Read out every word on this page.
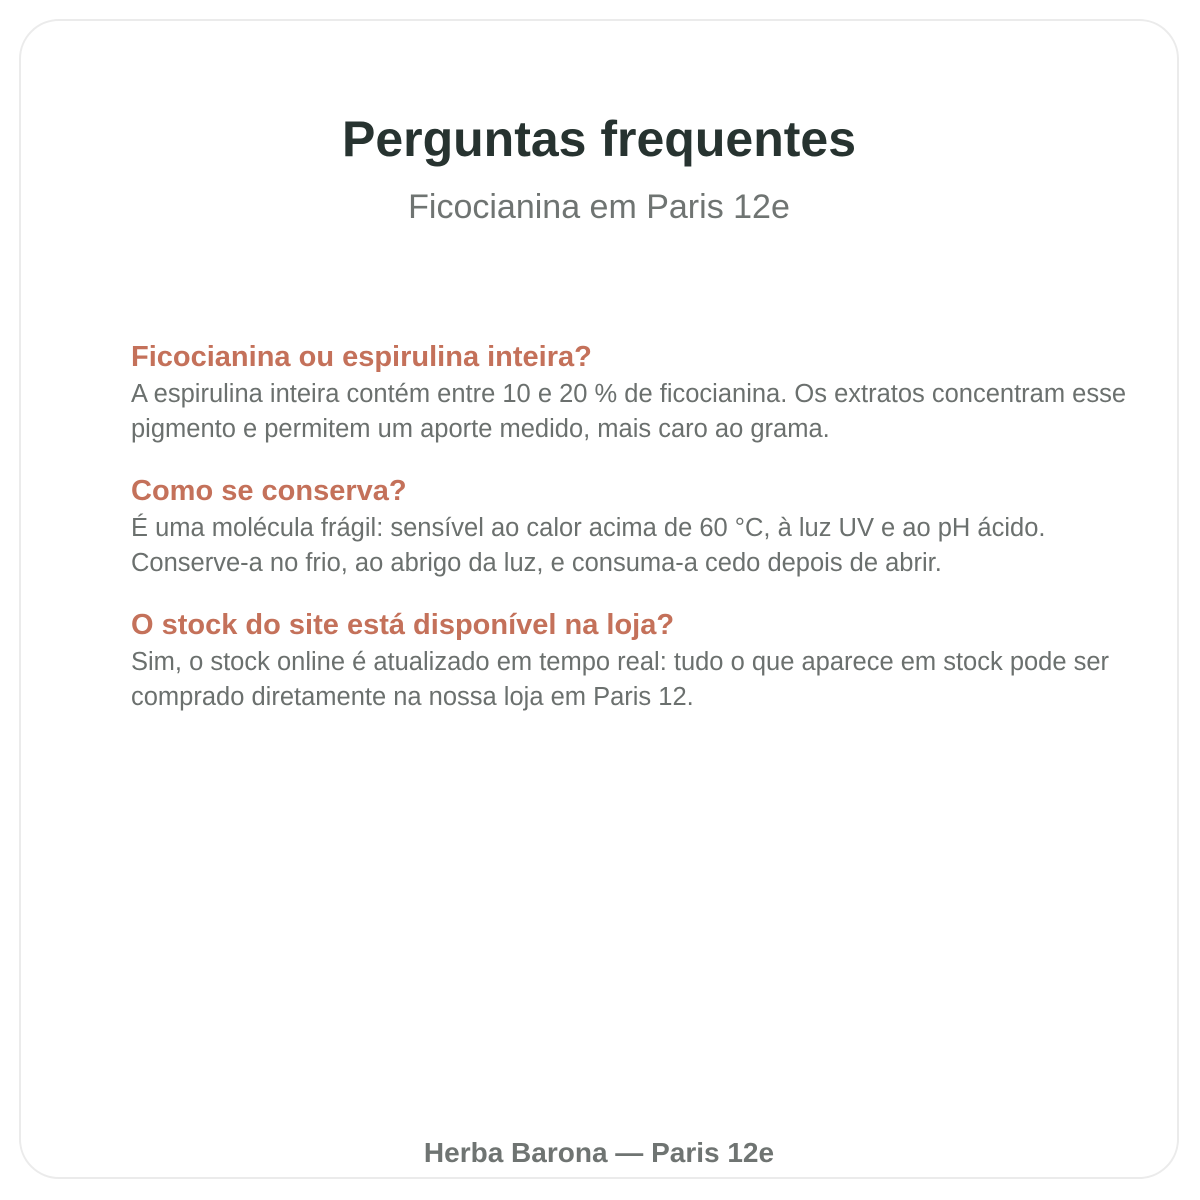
Perguntas frequentes

Ficocianina em Paris 12e

Ficocianina ou espirulina inteira?

A espirulina inteira contém entre 10 e 20 % de ficocianina. Os extratos concentram esse pigmento e permitem um aporte medido, mais caro ao grama.

Como se conserva?

É uma molécula frágil: sensível ao calor acima de 60 °C, à luz UV e ao pH ácido. Conserve-a no frio, ao abrigo da luz, e consuma-a cedo depois de abrir.

O stock do site está disponível na loja?

Sim, o stock online é atualizado em tempo real: tudo o que aparece em stock pode ser comprado diretamente na nossa loja em Paris 12.

Herba Barona — Paris 12e
